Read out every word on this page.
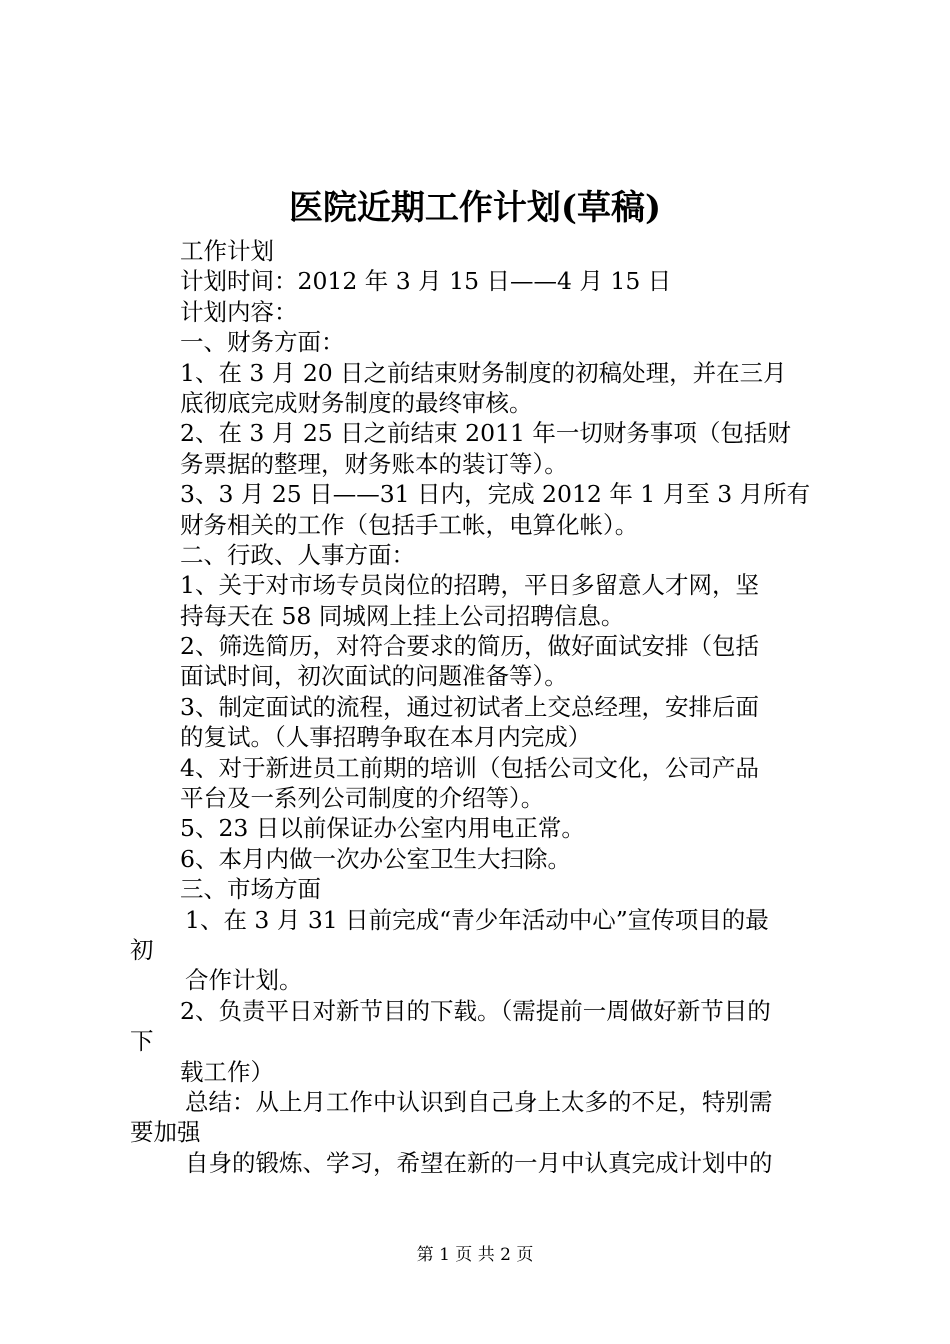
医院近期工作计划(草稿)
工作计划
计划时间：2012 年 3 月 15 日——4 月 15 日
计划内容：
一、财务方面：
1、在 3 月 20 日之前结束财务制度的初稿处理，并在三月
底彻底完成财务制度的最终审核。
2、在 3 月 25 日之前结束 2011 年一切财务事项（包括财
务票据的整理，财务账本的装订等）。
3、3 月 25 日——31 日内，完成 2012 年 1 月至 3 月所有
财务相关的工作（包括手工帐，电算化帐）。
二、行政、人事方面：
1、关于对市场专员岗位的招聘，平日多留意人才网，坚
持每天在 58 同城网上挂上公司招聘信息。
2、筛选简历，对符合要求的简历，做好面试安排（包括
面试时间，初次面试的问题准备等）。
3、制定面试的流程，通过初试者上交总经理，安排后面
的复试。（人事招聘争取在本月内完成）
4、对于新进员工前期的培训（包括公司文化，公司产品
平台及一系列公司制度的介绍等）。
5、23 日以前保证办公室内用电正常。
6、本月内做一次办公室卫生大扫除。
三、市场方面
1、在 3 月 31 日前完成“青少年活动中心”宣传项目的最
初
合作计划。
2、负责平日对新节目的下载。（需提前一周做好新节目的
下
载工作）
总结：从上月工作中认识到自己身上太多的不足，特别需
要加强
自身的锻炼、学习，希望在新的一月中认真完成计划中的
第 1 页 共 2 页
